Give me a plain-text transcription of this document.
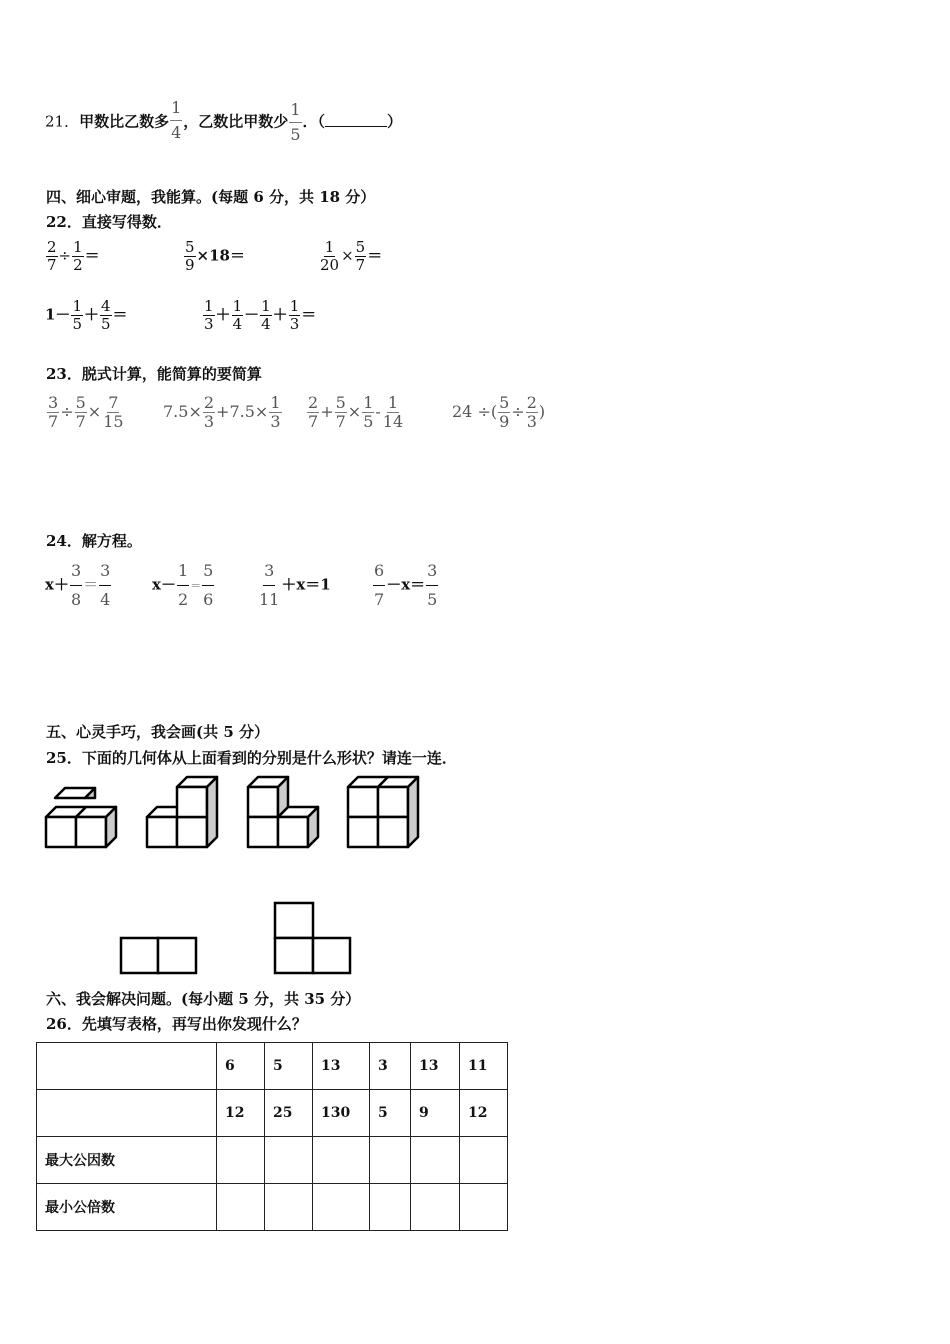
21．甲数比乙数多 $\frac{1}{4}$ ，乙数比甲数少 $\frac{1}{5}$ ．（	）
四、细心审题，我能算。(每题 6 分，共 18 分）
22．直接写得数．
$\frac{2}{7} \div \frac{1}{2}$ ＝	$\frac{5}{9} \times 18=$	$\frac{1}{20} \times \frac{5}{7}$ ＝
$1- \frac{1}{5} + \frac{4}{5}$ ＝	$\frac{1}{3} + \frac{1}{4} - \frac{1}{4} + \frac{1}{3}$ ＝
23．脱式计算，能简算的要简算
$\frac{3}{7} \div \frac{5}{7} \times \frac{7}{15} 7.5\times \frac{2}{3} +7.5\times \frac{1}{3} \frac{2}{7} + \frac{5}{7} \times \frac{1}{5} - \frac{1}{14}$	24 ÷( $\frac{5}{9} \div \frac{2}{3}$ )
24．解方程。
$x+ \frac{3}{8} = \frac{3}{4}$	$x- \frac{1}{2} = \frac{5}{6}$	$\frac{3}{11} +x=1$	$\frac{6}{7} -x= \frac{3}{5}$
五、心灵手巧，我会画(共 5 分）
25．下面的几何体从上面看到的分别是什么形状？请连一连．
六、我会解决问题。(每小题 5 分，共 35 分）
26．先填写表格，再写出你发现什么？
	6	5	13	3	13	11
	12	25	130	5	9	12
最大公因数						
最小公倍数						
